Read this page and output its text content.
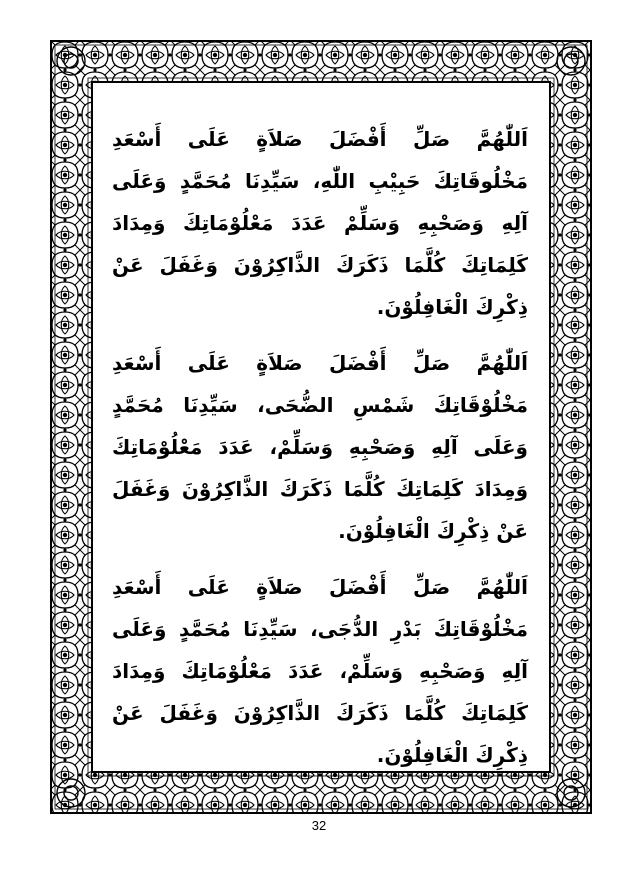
اَللّٰهُمَّ صَلِّ أَفْضَلَ صَلاَةٍ عَلَى أَسْعَدِ مَخْلُوقَاتِكَ حَبِيْبِ اللّٰهِ، سَيِّدِنَا مُحَمَّدٍ وَعَلَى آلِهِ وَصَحْبِهِ وَسَلِّمْ عَدَدَ مَعْلُوْمَاتِكَ وَمِدَادَ كَلِمَاتِكَ كُلَّمَا ذَكَرَكَ الذَّاكِرُوْنَ وَغَفَلَ عَنْ ذِكْرِكَ الْغَافِلُوْنَ.

اَللّٰهُمَّ صَلِّ أَفْضَلَ صَلاَةٍ عَلَى أَسْعَدِ مَخْلُوْقَاتِكَ شَمْسِ الضُّحَى، سَيِّدِنَا مُحَمَّدٍ وَعَلَى آلِهِ وَصَحْبِهِ وَسَلِّمْ، عَدَدَ مَعْلُوْمَاتِكَ وَمِدَادَ كَلِمَاتِكَ كُلَّمَا ذَكَرَكَ الذَّاكِرُوْنَ وَغَفَلَ عَنْ ذِكْرِكَ الْغَافِلُوْنَ.

اَللّٰهُمَّ صَلِّ أَفْضَلَ صَلاَةٍ عَلَى أَسْعَدِ مَخْلُوْقَاتِكَ بَدْرِ الدُّجَى، سَيِّدِنَا مُحَمَّدٍ وَعَلَى آلِهِ وَصَحْبِهِ وَسَلِّمْ، عَدَدَ مَعْلُوْمَاتِكَ وَمِدَادَ كَلِمَاتِكَ كُلَّمَا ذَكَرَكَ الذَّاكِرُوْنَ وَغَفَلَ عَنْ ذِكْرِكَ الْغَافِلُوْنَ.

32
